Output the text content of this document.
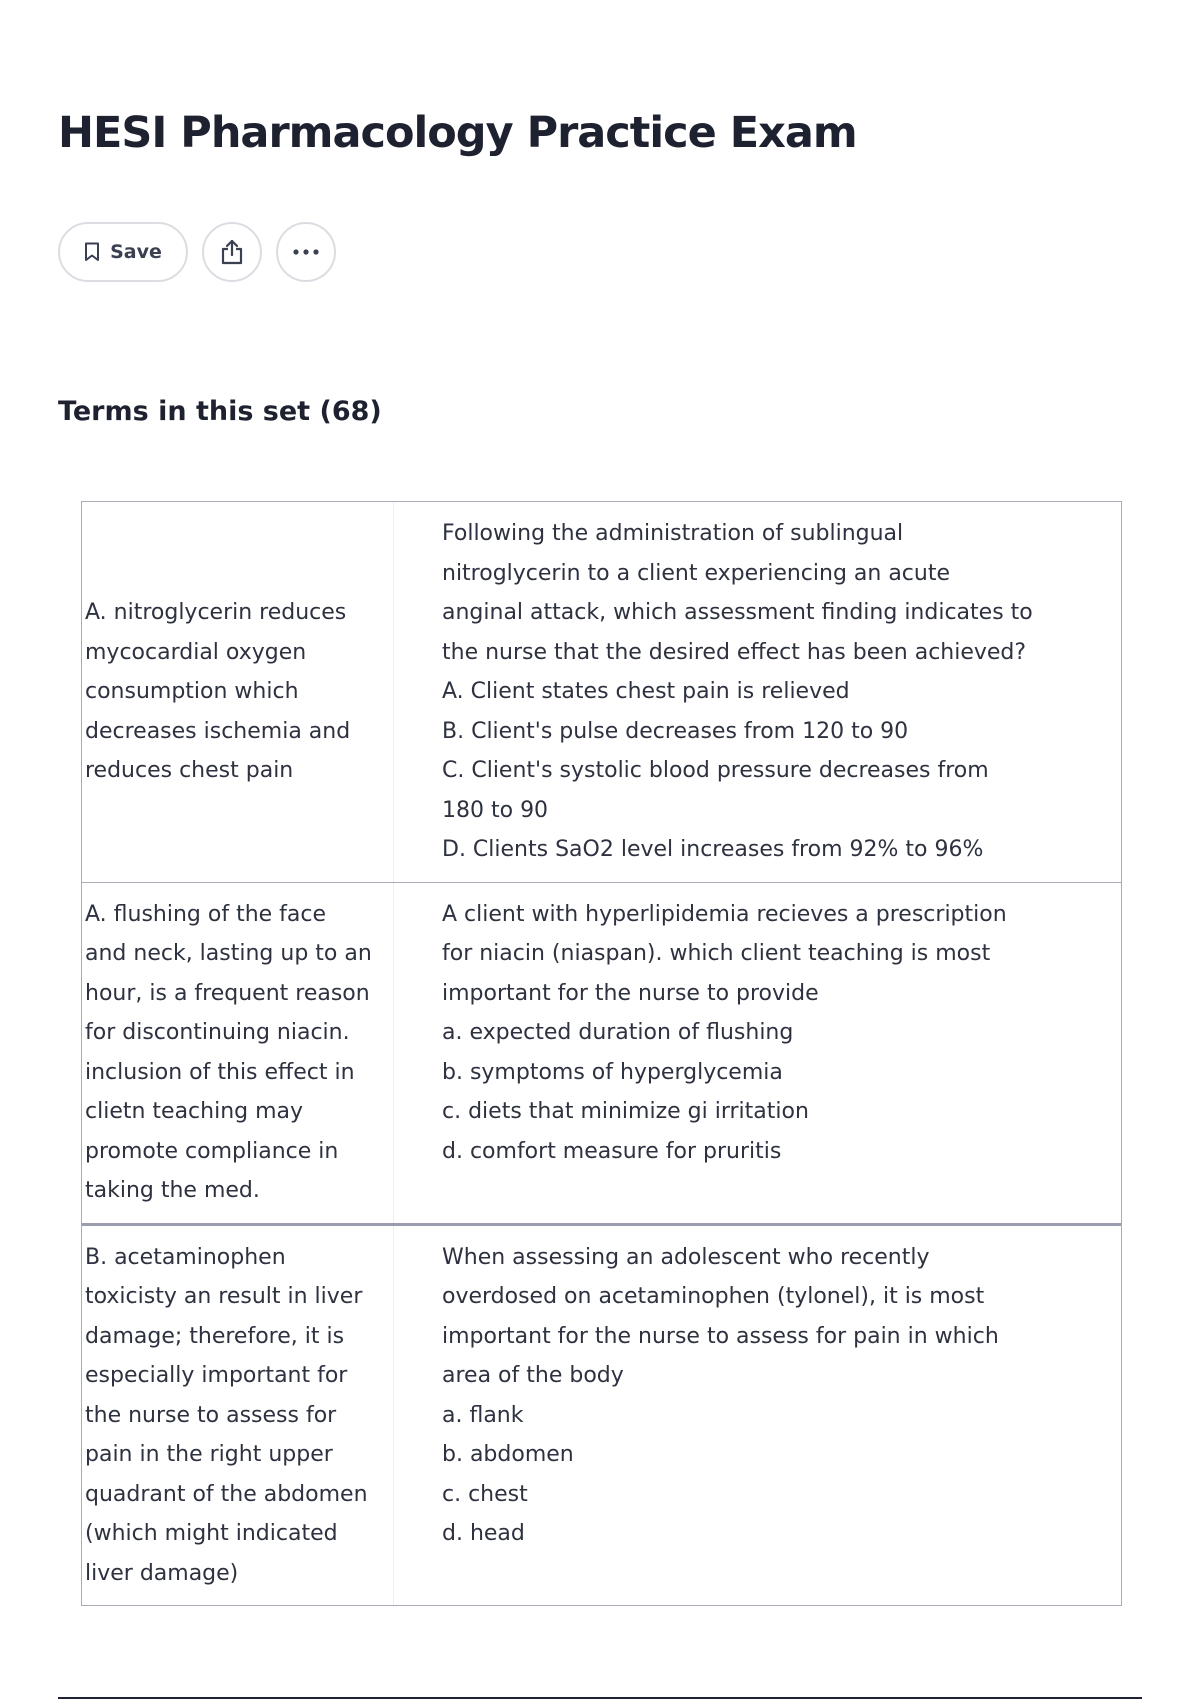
HESI Pharmacology Practice Exam
Save
Terms in this set (68)
A. nitroglycerin reduces
mycocardial oxygen
consumption which
decreases ischemia and
reduces chest pain
Following the administration of sublingual
nitroglycerin to a client experiencing an acute
anginal attack, which assessment finding indicates to
the nurse that the desired effect has been achieved?
A. Client states chest pain is relieved
B. Client's pulse decreases from 120 to 90
C. Client's systolic blood pressure decreases from
180 to 90
D. Clients SaO2 level increases from 92% to 96%
A. flushing of the face
and neck, lasting up to an
hour, is a frequent reason
for discontinuing niacin.
inclusion of this effect in
clietn teaching may
promote compliance in
taking the med.
A client with hyperlipidemia recieves a prescription
for niacin (niaspan). which client teaching is most
important for the nurse to provide
a. expected duration of flushing
b. symptoms of hyperglycemia
c. diets that minimize gi irritation
d. comfort measure for pruritis
B. acetaminophen
toxicisty an result in liver
damage; therefore, it is
especially important for
the nurse to assess for
pain in the right upper
quadrant of the abdomen
(which might indicated
liver damage)
When assessing an adolescent who recently
overdosed on acetaminophen (tylonel), it is most
important for the nurse to assess for pain in which
area of the body
a. flank
b. abdomen
c. chest
d. head
